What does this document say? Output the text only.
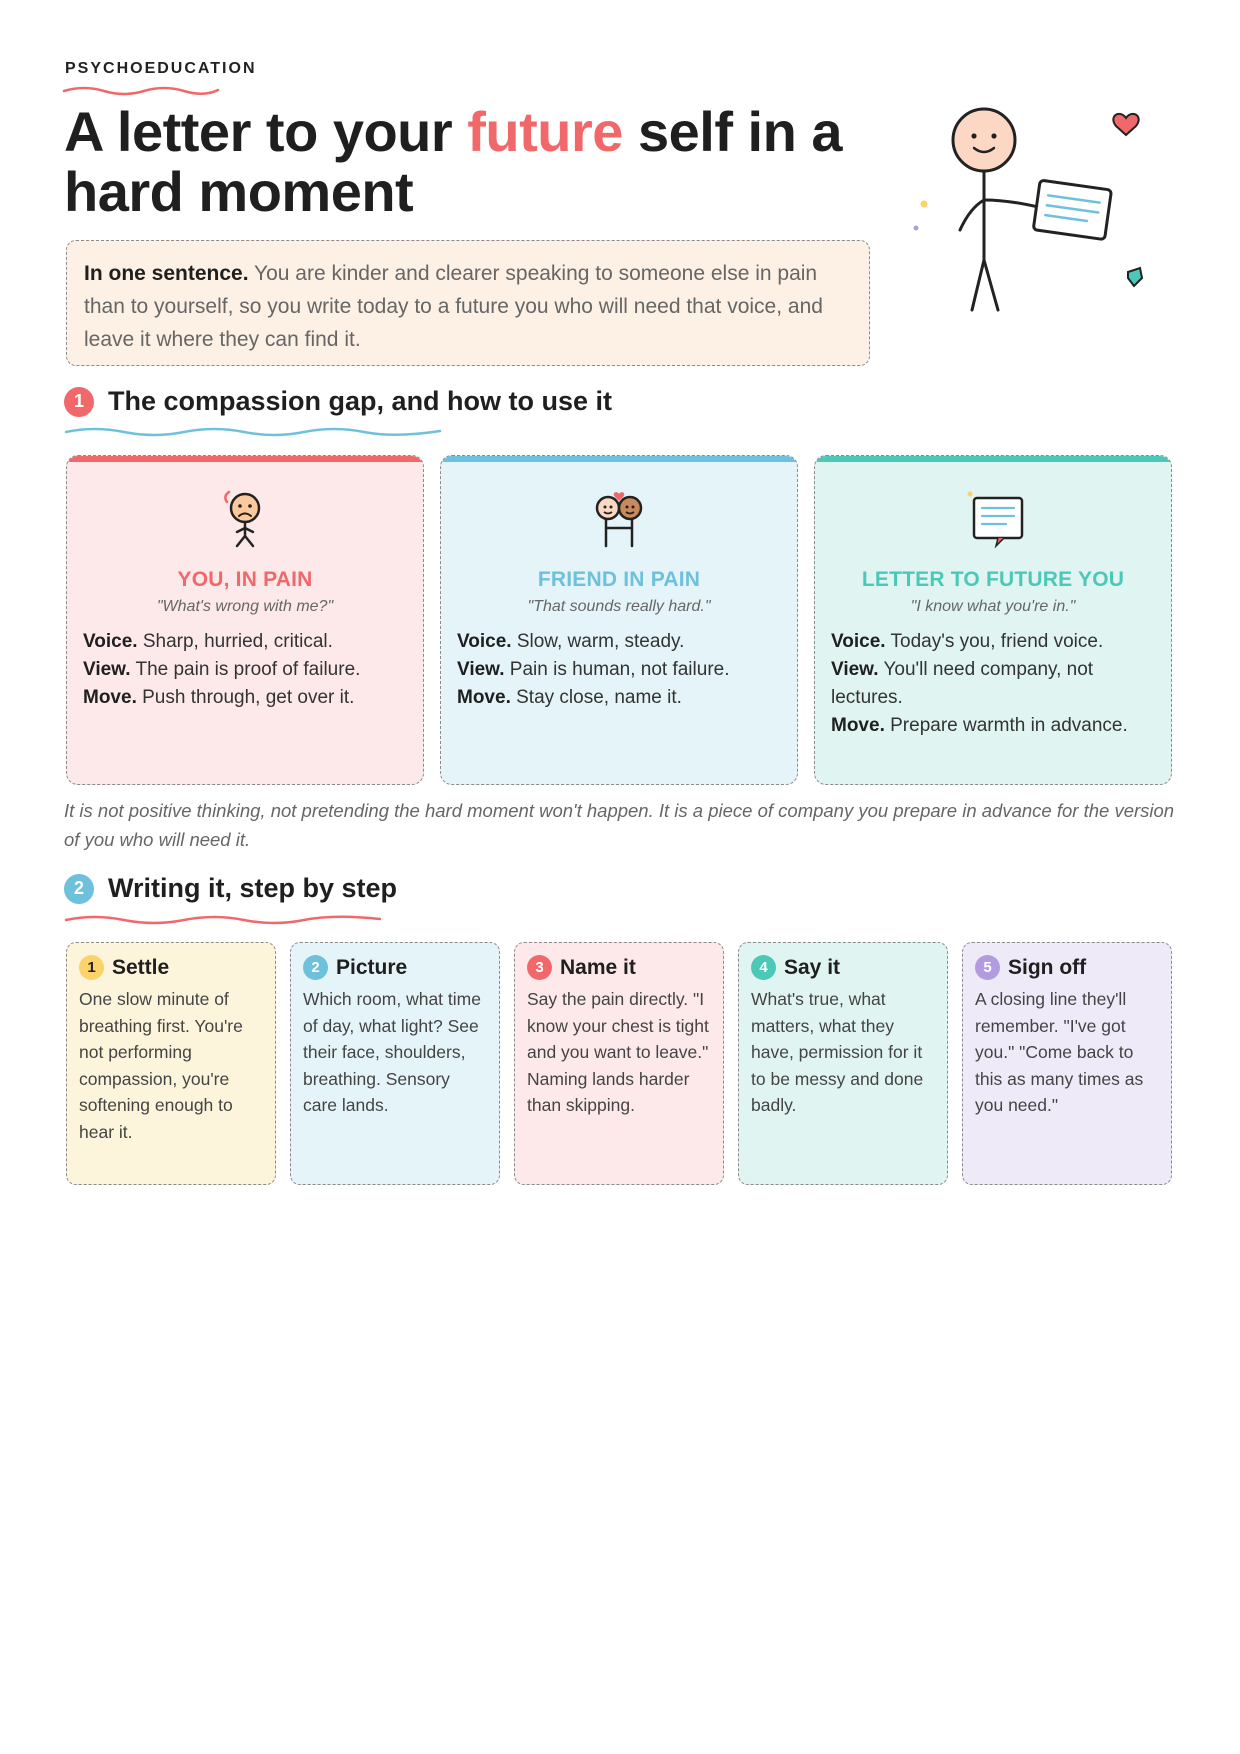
PSYCHOEDUCATION
A letter to your future self in a hard moment
In one sentence. You are kinder and clearer speaking to someone else in pain than to yourself, so you write today to a future you who will need that voice, and leave it where they can find it.
1 The compassion gap, and how to use it
YOU, IN PAIN
"What's wrong with me?"
Voice. Sharp, hurried, critical.
View. The pain is proof of failure.
Move. Push through, get over it.
FRIEND IN PAIN
"That sounds really hard."
Voice. Slow, warm, steady.
View. Pain is human, not failure.
Move. Stay close, name it.
LETTER TO FUTURE YOU
"I know what you're in."
Voice. Today's you, friend voice.
View. You'll need company, not lectures.
Move. Prepare warmth in advance.
It is not positive thinking, not pretending the hard moment won't happen. It is a piece of company you prepare in advance for the version of you who will need it.
2 Writing it, step by step
1 Settle
One slow minute of breathing first. You're not performing compassion, you're softening enough to hear it.
2 Picture
Which room, what time of day, what light? See their face, shoulders, breathing. Sensory care lands.
3 Name it
Say the pain directly. "I know your chest is tight and you want to leave." Naming lands harder than skipping.
4 Say it
What's true, what matters, what they have, permission for it to be messy and done badly.
5 Sign off
A closing line they'll remember. "I've got you." "Come back to this as many times as you need."
